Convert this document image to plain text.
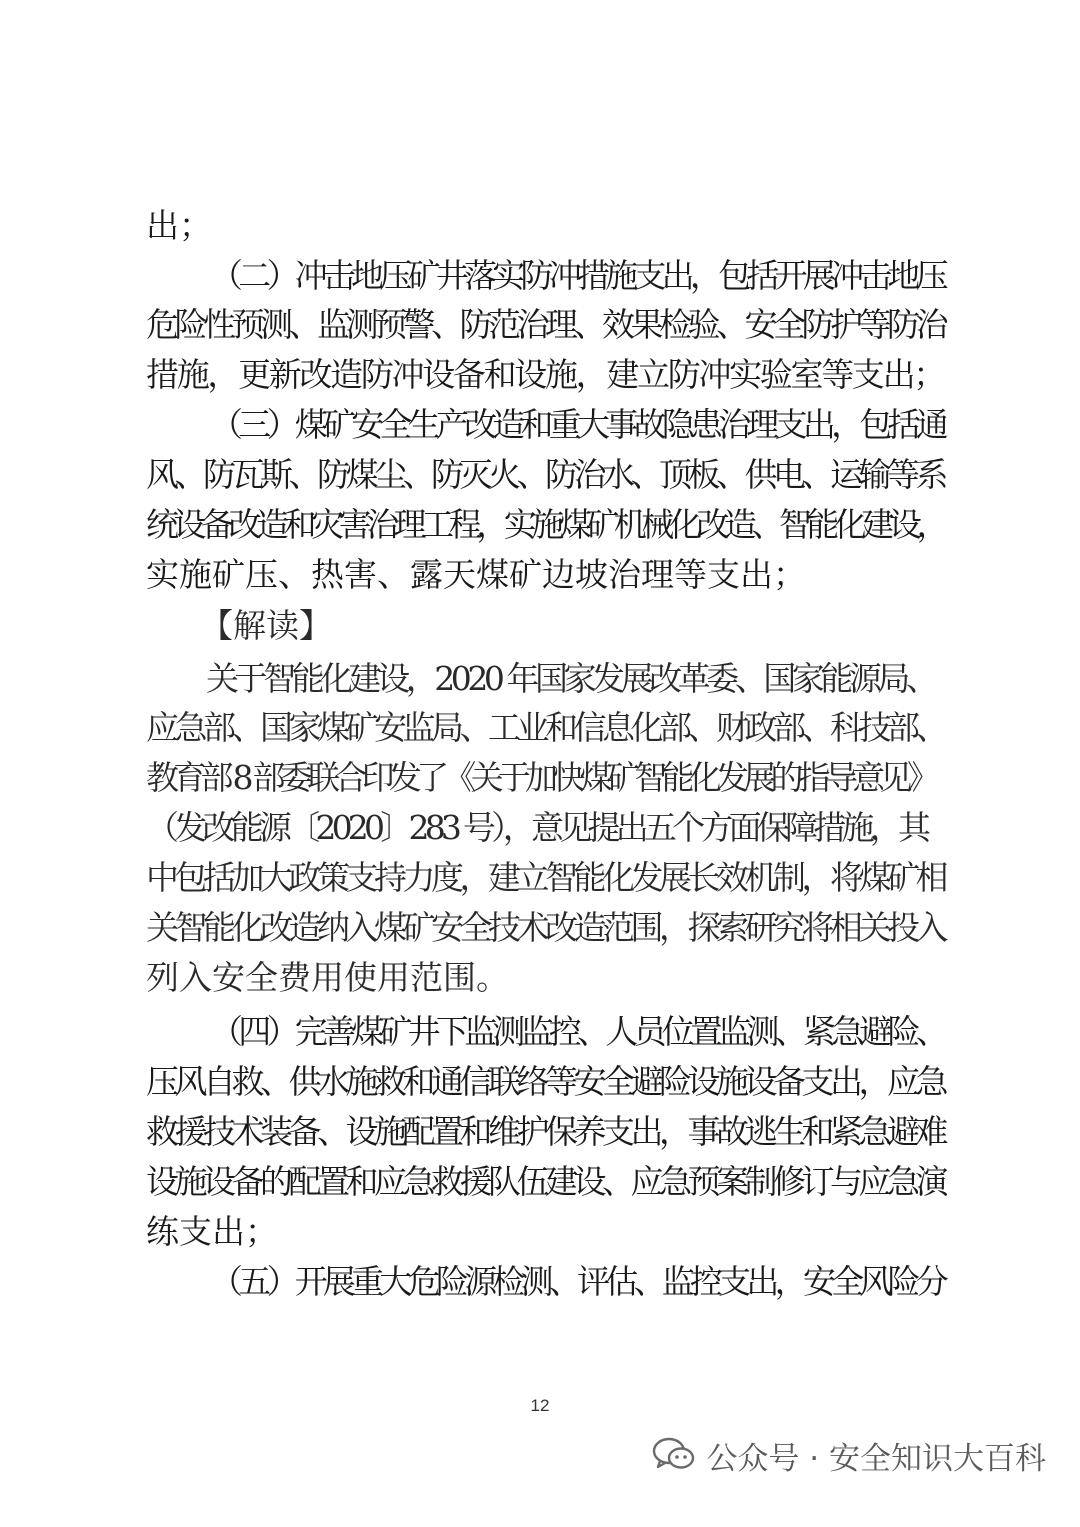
出；
（二）冲击地压矿井落实防冲措施支出，包括开展冲击地压
危险性预测、监测预警、防范治理、效果检验、安全防护等防治
措施，更新改造防冲设备和设施，建立防冲实验室等支出；
（三）煤矿安全生产改造和重大事故隐患治理支出，包括通
风、防瓦斯、防煤尘、防灭火、防治水、顶板、供电、运输等系
统设备改造和灾害治理工程，实施煤矿机械化改造、智能化建设，
实施矿压、热害、露天煤矿边坡治理等支出；
【解读】
关于智能化建设，2020 年国家发展改革委、国家能源局、
应急部、国家煤矿安监局、工业和信息化部、财政部、科技部、
教育部 8 部委联合印发了《关于加快煤矿智能化发展的指导意见》
（发改能源〔2020〕283 号），意见提出五个方面保障措施，其
中包括加大政策支持力度，建立智能化发展长效机制，将煤矿相
关智能化改造纳入煤矿安全技术改造范围，探索研究将相关投入
列入安全费用使用范围。
（四）完善煤矿井下监测监控、人员位置监测、紧急避险、
压风自救、供水施救和通信联络等安全避险设施设备支出，应急
救援技术装备、设施配置和维护保养支出，事故逃生和紧急避难
设施设备的配置和应急救援队伍建设、应急预案制修订与应急演
练支出；
（五）开展重大危险源检测、评估、监控支出，安全风险分
12
公众号 · 安全知识大百科
